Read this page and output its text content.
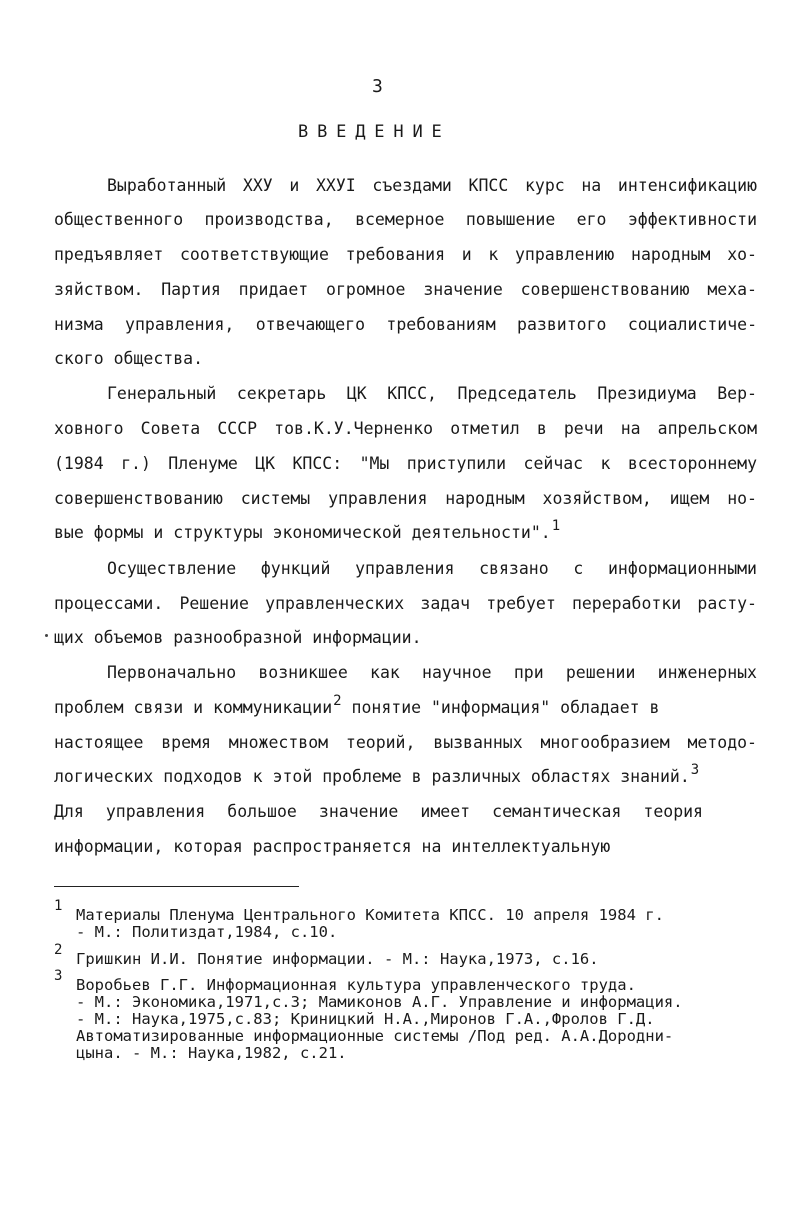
3
ВВЕДЕНИЕ
Выработанный XXУ и XXУI съездами КПСС курс на интенсификацию
общественного производства, всемерное повышение его эффективности
предъявляет соответствующие требования и к управлению народным хо-
зяйством. Партия придает огромное значение совершенствованию меха-
низма управления, отвечающего требованиям развитого социалистиче-
ского общества.
Генеральный секретарь ЦК КПСС, Председатель Президиума Вер-
ховного Совета СССР тов.К.У.Черненко отметил в речи на апрельском
(1984 г.) Пленуме ЦК КПСС: "Мы приступили сейчас к всестороннему
совершенствованию системы управления народным хозяйством, ищем но-
вые формы и структуры экономической деятельности".$^1$
Осуществление функций управления связано с информационными
процессами. Решение управленческих задач требует переработки расту-
щих объемов разнообразной информации.
Первоначально возникшее как научное при решении инженерных
проблем связи и коммуникации$^2$ понятие "информация" обладает в
настоящее время множеством теорий, вызванных многообразием методо-
логических подходов к этой проблеме в различных областях знаний.$^3$
Для управления большое значение имеет семантическая теория
информации, которая распространяется на интеллектуальную
1 Материалы Пленума Центрального Комитета КПСС. 10 апреля 1984 г.
- М.: Политиздат,1984, с.10.
2 Гришкин И.И. Понятие информации. - М.: Наука,1973, с.16.
3 Воробьев Г.Г. Информационная культура управленческого труда.
- М.: Экономика,1971,с.3; Мамиконов А.Г. Управление и информация.
- М.: Наука,1975,с.83; Криницкий Н.А.,Миронов Г.А.,Фролов Г.Д.
Автоматизированные информационные системы /Под ред. А.А.Дородни-
цына. - М.: Наука,1982, с.21.
